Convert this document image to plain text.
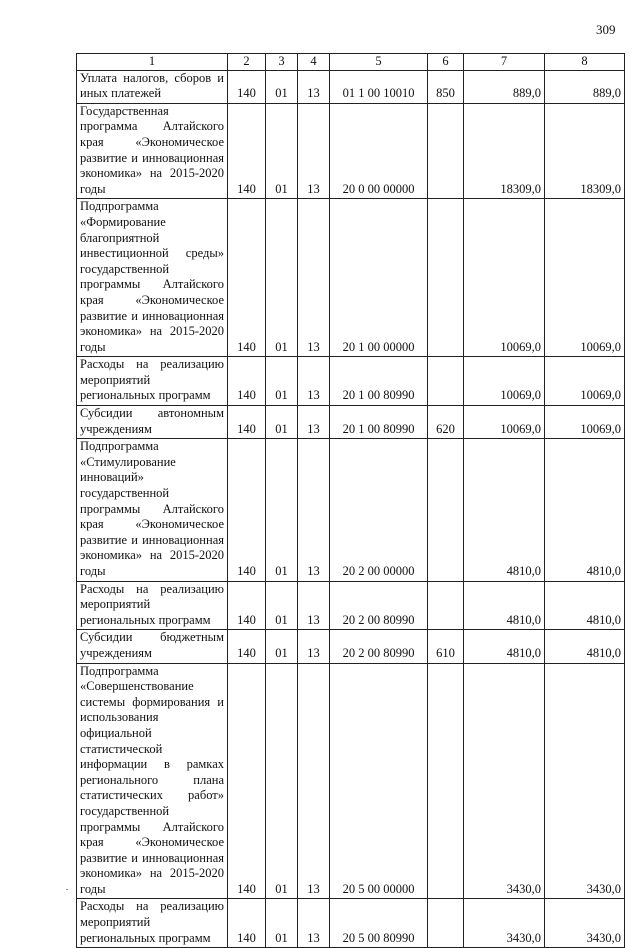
309
1	2	3	4	5	6	7	8
Уплата налогов, сборов и иных платежей	140	01	13	01 1 00 10010	850	889,0	889,0
Государственная программа Алтайского края «Экономическое развитие и инновационная экономика» на 2015-2020 годы	140	01	13	20 0 00 00000		18309,0	18309,0
Подпрограмма «Формирование благоприятной инвестиционной среды» государственной программы Алтайского края «Экономическое развитие и инновационная экономика» на 2015-2020 годы	140	01	13	20 1 00 00000		10069,0	10069,0
Расходы на реализацию мероприятий региональных программ	140	01	13	20 1 00 80990		10069,0	10069,0
Субсидии автономным учреждениям	140	01	13	20 1 00 80990	620	10069,0	10069,0
Подпрограмма «Стимулирование инноваций» государственной программы Алтайского края «Экономическое развитие и инновационная экономика» на 2015-2020 годы	140	01	13	20 2 00 00000		4810,0	4810,0
Расходы на реализацию мероприятий региональных программ	140	01	13	20 2 00 80990		4810,0	4810,0
Субсидии бюджетным учреждениям	140	01	13	20 2 00 80990	610	4810,0	4810,0
Подпрограмма «Совершенствование системы формирования и использования официальной статистической информации в рамках регионального плана статистических работ» государственной программы Алтайского края «Экономическое развитие и инновационная экономика» на 2015-2020 годы	140	01	13	20 5 00 00000		3430,0	3430,0
Расходы на реализацию мероприятий региональных программ	140	01	13	20 5 00 80990		3430,0	3430,0
